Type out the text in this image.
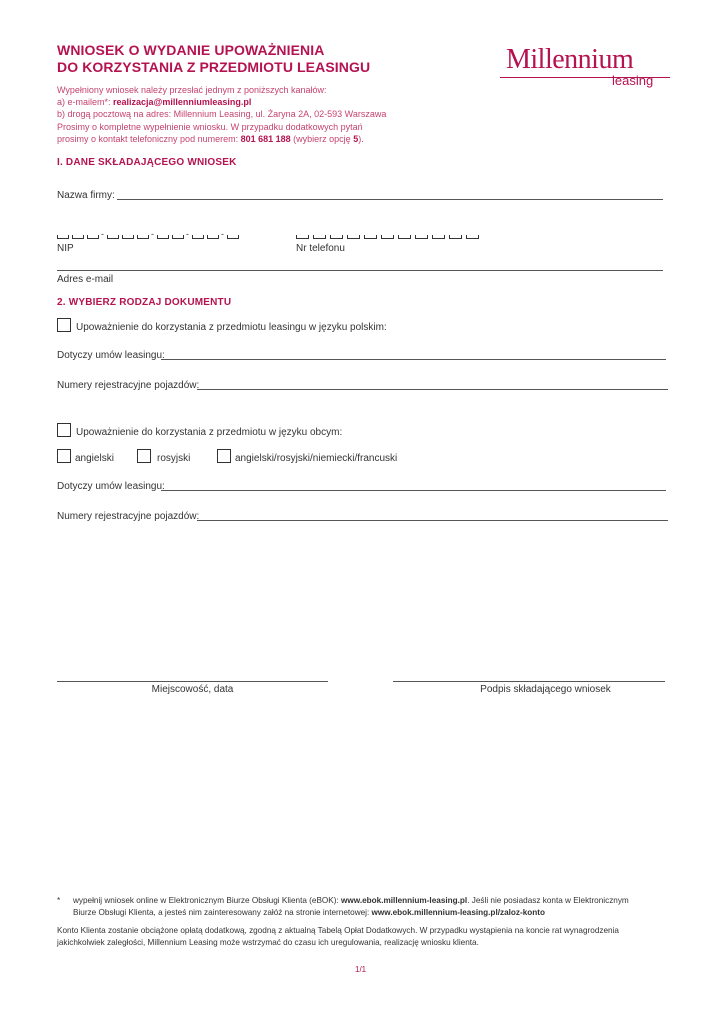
WNIOSEK O WYDANIE UPOWAŻNIENIA
DO KORZYSTANIA Z PRZEDMIOTU LEASINGU	Millennium
leasing
Wypełniony wniosek należy przesłać jednym z poniższych kanałów:
a) e-mailem*: realizacja@millenniumleasing.pl
b) drogą pocztową na adres: Millennium Leasing, ul. Żaryna 2A, 02-593 Warszawa
Prosimy o kompletne wypełnienie wniosku. W przypadku dodatkowych pytań
prosimy o kontakt telefoniczny pod numerem: 801 681 188 (wybierz opcję 5).
I. DANE SKŁADAJĄCEGO WNIOSEK
Nazwa firmy:
-	-	-	-
NIP	Nr telefonu
Adres e-mail
2. WYBIERZ RODZAJ DOKUMENTU
Upoważnienie do korzystania z przedmiotu leasingu w języku polskim:
Dotyczy umów leasingu:
Numery rejestracyjne pojazdów:
Upoważnienie do korzystania z przedmiotu w języku obcym:
angielski	rosyjski	angielski/rosyjski/niemiecki/francuski
Dotyczy umów leasingu:
Numery rejestracyjne pojazdów:
Miejscowość, data	Podpis składającego wniosek
* wypełnij wniosek online w Elektronicznym Biurze Obsługi Klienta (eBOK): www.ebok.millennium-leasing.pl. Jeśli nie posiadasz konta w Elektronicznym
Biurze Obsługi Klienta, a jesteś nim zainteresowany załóż na stronie internetowej: www.ebok.millennium-leasing.pl/zaloz-konto
Konto Klienta zostanie obciążone opłatą dodatkową, zgodną z aktualną Tabelą Opłat Dodatkowych. W przypadku wystąpienia na koncie rat wynagrodzenia
jakichkolwiek zaległości, Millennium Leasing może wstrzymać do czasu ich uregulowania, realizację wniosku klienta.
1/1
